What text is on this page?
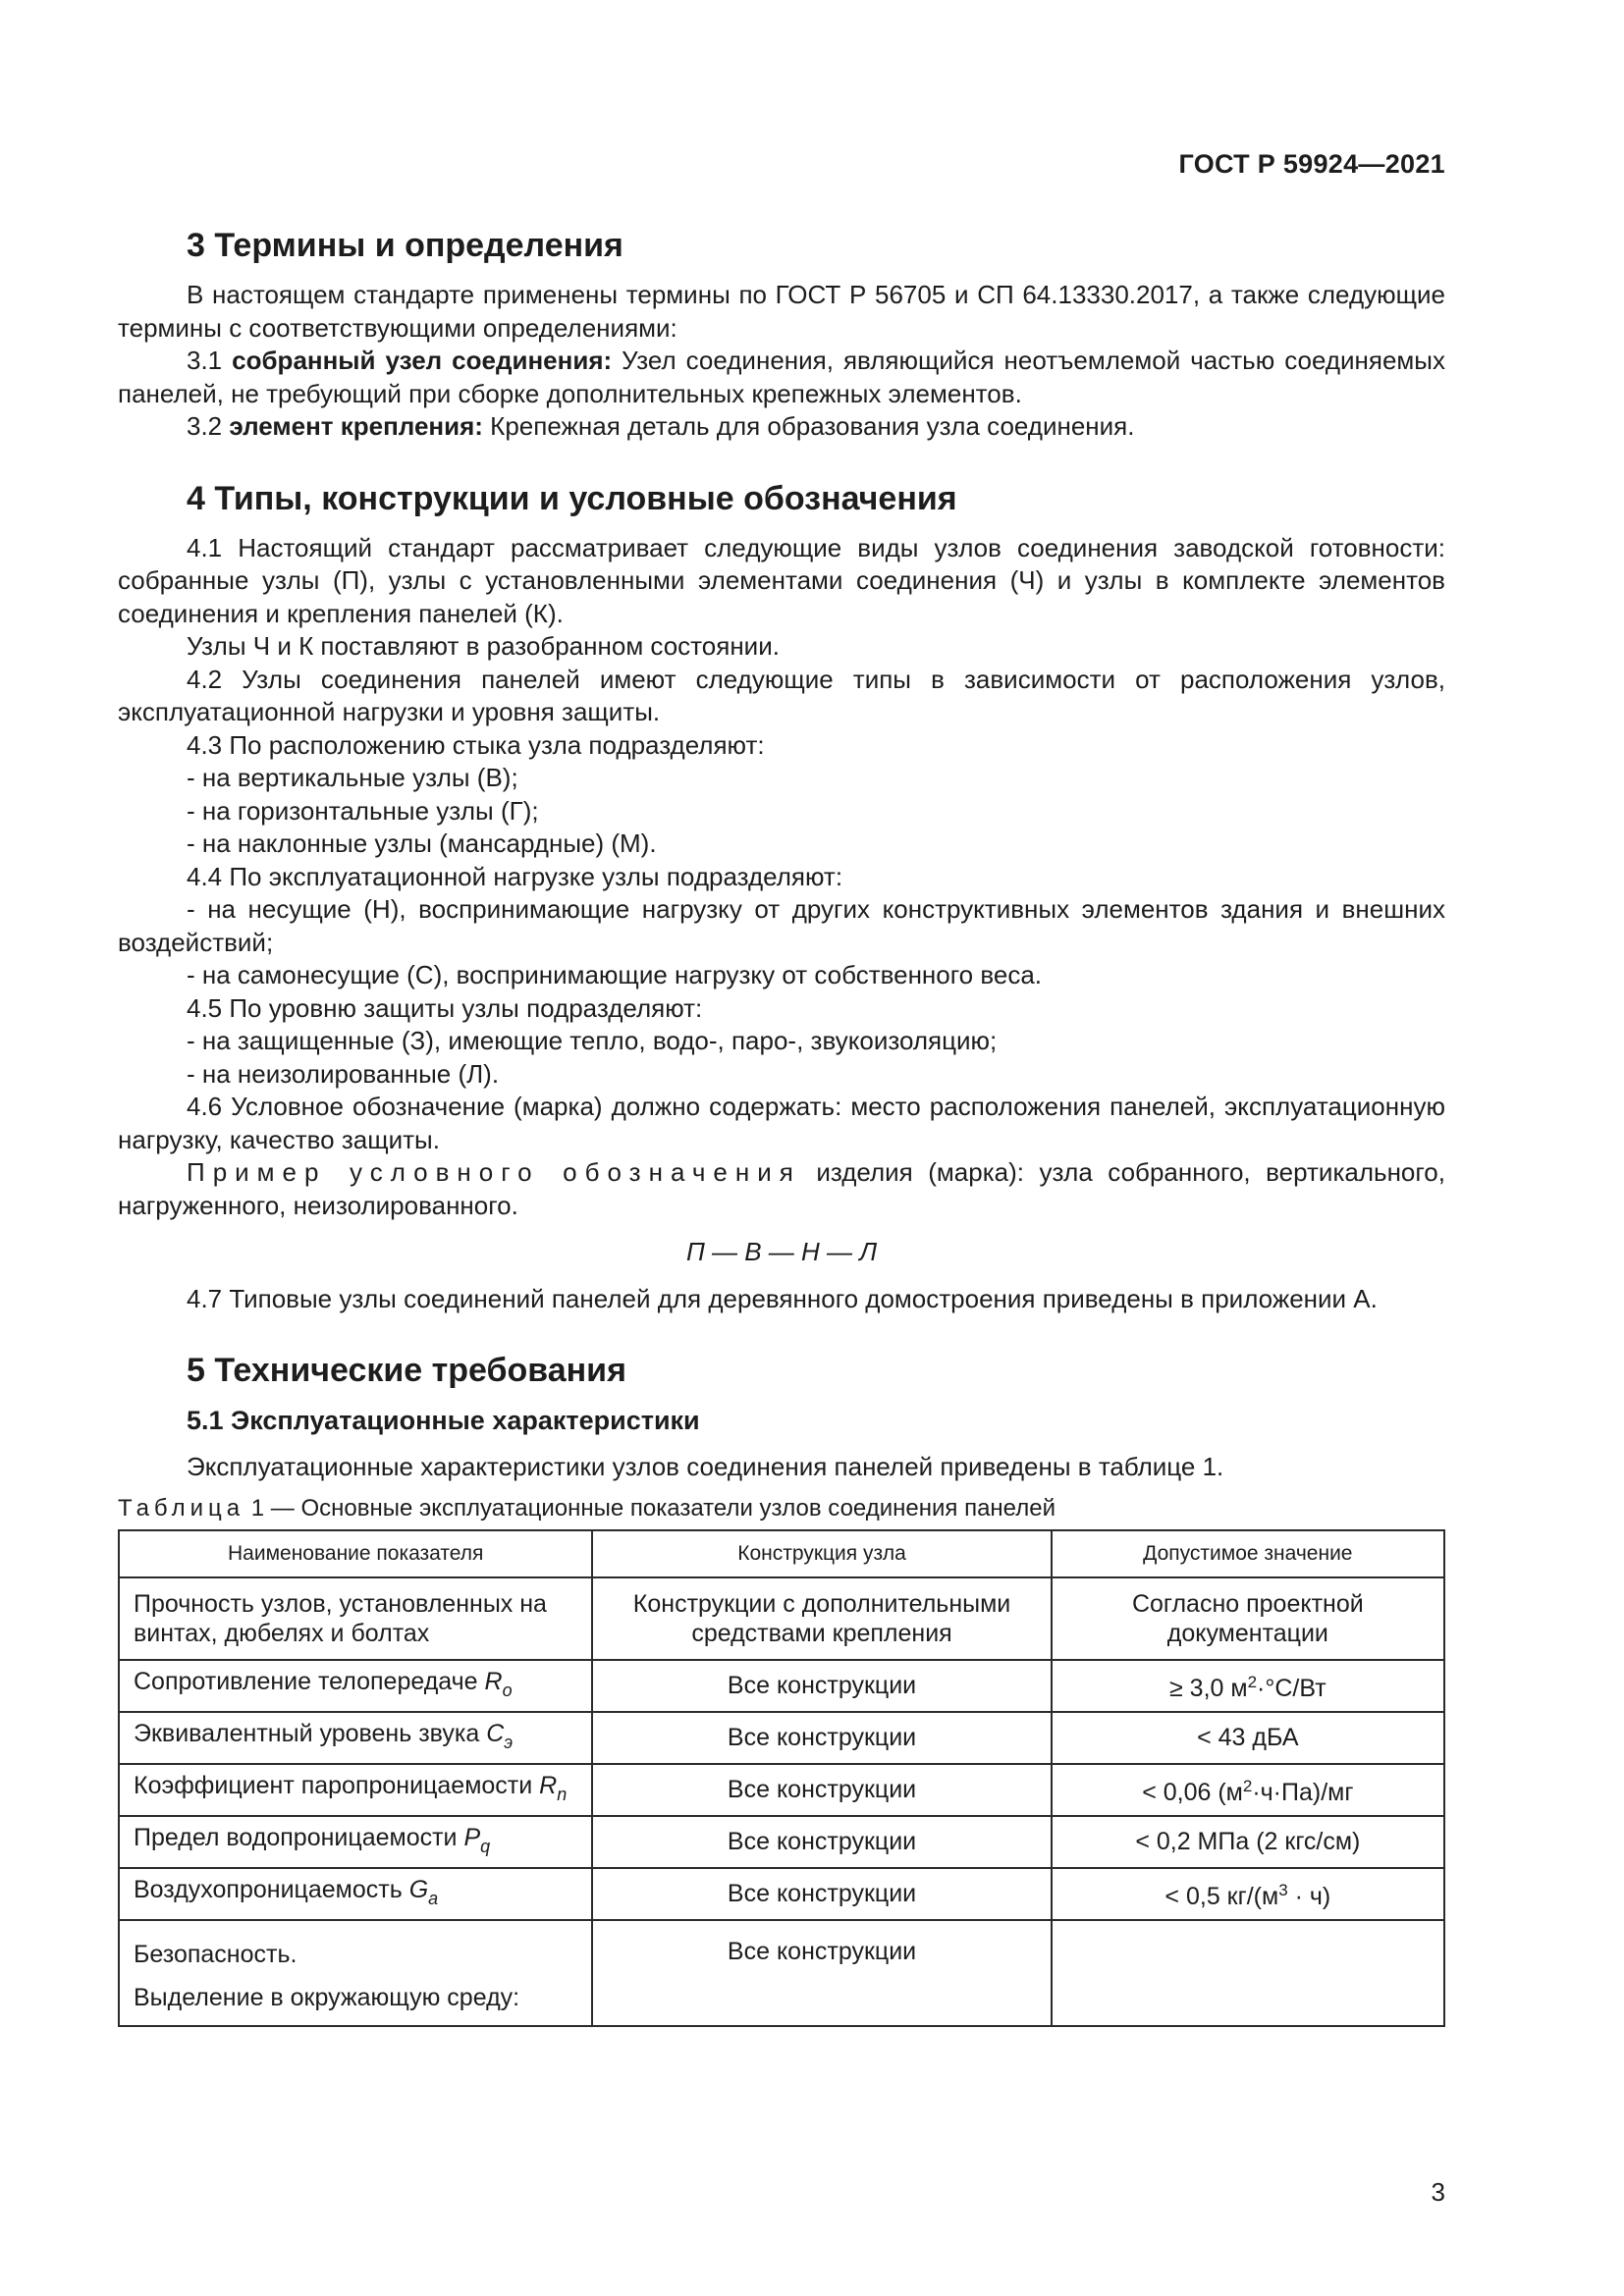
ГОСТ Р 59924—2021
3 Термины и определения

В настоящем стандарте применены термины по ГОСТ Р 56705 и СП 64.13330.2017, а также следующие термины с соответствующими определениями:

3.1 собранный узел соединения: Узел соединения, являющийся неотъемлемой частью соединяемых панелей, не требующий при сборке дополнительных крепежных элементов.

3.2 элемент крепления: Крепежная деталь для образования узла соединения.

4 Типы, конструкции и условные обозначения

4.1 Настоящий стандарт рассматривает следующие виды узлов соединения заводской готовности: собранные узлы (П), узлы с установленными элементами соединения (Ч) и узлы в комплекте элементов соединения и крепления панелей (К).

Узлы Ч и К поставляют в разобранном состоянии.

4.2 Узлы соединения панелей имеют следующие типы в зависимости от расположения узлов, эксплуатационной нагрузки и уровня защиты.

4.3 По расположению стыка узла подразделяют:

- на вертикальные узлы (В);

- на горизонтальные узлы (Г);

- на наклонные узлы (мансардные) (М).

4.4 По эксплуатационной нагрузке узлы подразделяют:

- на несущие (Н), воспринимающие нагрузку от других конструктивных элементов здания и внешних воздействий;

- на самонесущие (С), воспринимающие нагрузку от собственного веса.

4.5 По уровню защиты узлы подразделяют:

- на защищенные (З), имеющие тепло, водо-, паро-, звукоизоляцию;

- на неизолированные (Л).

4.6 Условное обозначение (марка) должно содержать: место расположения панелей, эксплуатационную нагрузку, качество защиты.

Пример условного обозначения изделия (марка): узла собранного, вертикального, нагруженного, неизолированного.

П — В — Н — Л

4.7 Типовые узлы соединений панелей для деревянного домостроения приведены в приложении А.

5 Технические требования
5.1 Эксплуатационные характеристики

Эксплуатационные характеристики узлов соединения панелей приведены в таблице 1.

Таблица 1 — Основные эксплуатационные показатели узлов соединения панелей

Наименование показателя	Конструкция узла	Допустимое значение
Прочность узлов, установленных на винтах, дюбелях и болтах	Конструкции с дополнительными средствами крепления	Согласно проектной документации
Сопротивление телопередаче $R_o$	Все конструкции	≥ 3,0 $м^2\cdot^\circ С/Вт$
Эквивалентный уровень звука $С_э$	Все конструкции	< 43 дБА
Коэффициент паропроницаемости $R_n$	Все конструкции	< 0,06 $(м^2\cdot ч\cdot Па)/мг$
Предел водопроницаемости $P_q$	Все конструкции	< 0,2 МПа (2 кгс/см)
Воздухопроницаемость $G_a$	Все конструкции	< 0,5 $кг/(м^3 \cdot ч)$

Безопасность.
Выделение в окружающую среду:	Все конструкции	
3
